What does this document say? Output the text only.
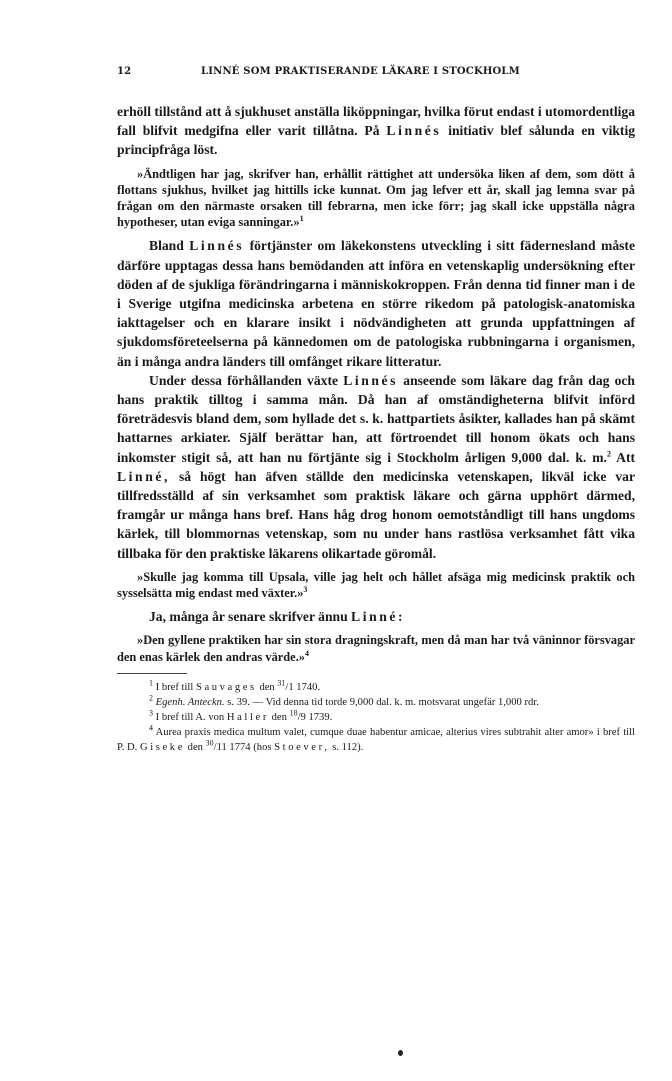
12	LINNÉ SOM PRAKTISERANDE LÄKARE I STOCKHOLM

erhöll tillstånd att å sjukhuset anställa liköppningar, hvilka förut endast i utomordentliga fall blifvit medgifna eller varit tillåtna. På Linnés initiativ blef sålunda en viktig principfråga löst.

»Ändtligen har jag, skrifver han, erhållit rättighet att undersöka liken af dem, som dött å flottans sjukhus, hvilket jag hittills icke kunnat. Om jag lefver ett år, skall jag lemna svar på frågan om den närmaste orsaken till febrarna, men icke förr; jag skall icke uppställa några hypotheser, utan eviga sanningar.»$^1$

Bland Linnés förtjänster om läkekonstens utveckling i sitt fädernesland måste därföre upptagas dessa hans bemödanden att införa en vetenskaplig undersökning efter döden af de sjukliga förändringarna i människokroppen. Från denna tid finner man i de i Sverige utgifna medicinska arbetena en större rikedom på patologisk-anatomiska iakttagelser och en klarare insikt i nödvändigheten att grunda uppfattningen af sjukdomsföreteelserna på kännedomen om de patologiska rubbningarna i organismen, än i många andra länders till omfånget rikare litteratur.

Under dessa förhållanden växte Linnés anseende som läkare dag från dag och hans praktik tilltog i samma mån. Då han af omständigheterna blifvit införd företrädesvis bland dem, som hyllade det s. k. hattpartiets åsikter, kallades han på skämt hattarnes arkiater. Själf berättar han, att förtroendet till honom ökats och hans inkomster stigit så, att han nu förtjänte sig i Stockholm årligen 9,000 dal. k. m.$^2$ Att Linné, så högt han äfven ställde den medicinska vetenskapen, likväl icke var tillfredsställd af sin verksamhet som praktisk läkare och gärna upphört därmed, framgår ur många hans bref. Hans håg drog honom oemotståndligt till hans ungdoms kärlek, till blommornas vetenskap, som nu under hans rastlösa verksamhet fått vika tillbaka för den praktiske läkarens olikartade göromål.

»Skulle jag komma till Upsala, ville jag helt och hållet afsäga mig medicinsk praktik och sysselsätta mig endast med växter.»$^3$

Ja, många år senare skrifver ännu Linné:

»Den gyllene praktiken har sin stora dragningskraft, men då man har två väninnor försvagar den enas kärlek den andras värde.»$^4$

$^1$ I bref till Sauvages den $^{31}$/1 1740.

$^2$ Egenh. Anteckn. s. 39. — Vid denna tid torde 9,000 dal. k. m. motsvarat ungefär 1,000 rdr.

$^3$ I bref till A. von Haller den $^{18}$/9 1739.

$^4$ Aurea praxis medica multum valet, cumque duae habentur amicae, alterius vires subtrahit alter amor» i bref till P. D. Giseke den $^{30}$/11 1774 (hos Stoever, s. 112).
